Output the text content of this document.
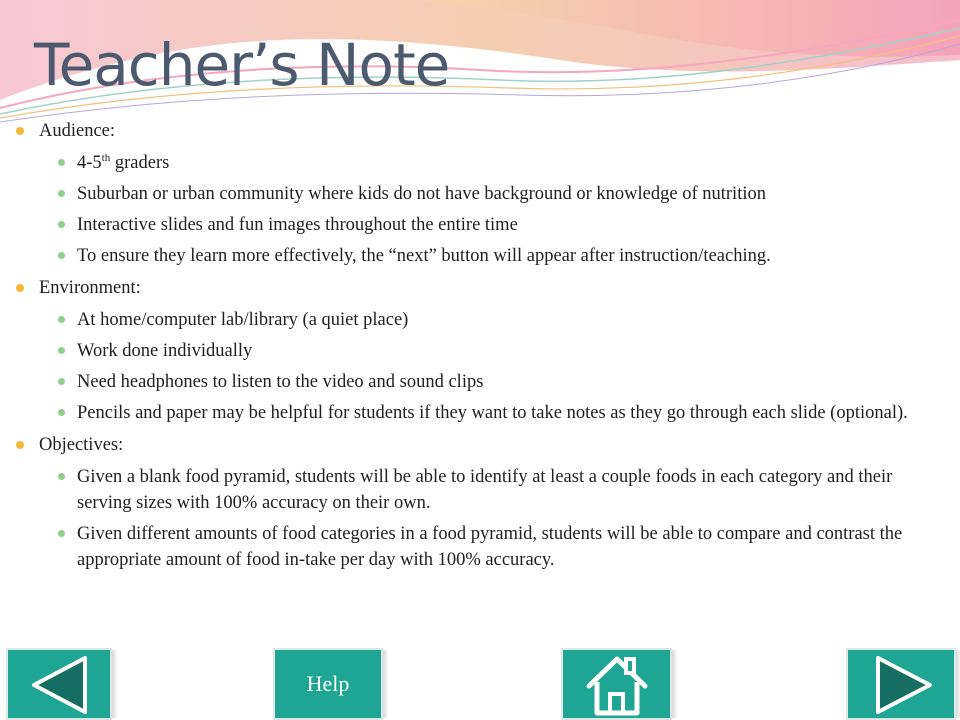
Teacher’s Note
Audience:
4-5th graders
Suburban or urban community where kids do not have background or knowledge of nutrition
Interactive slides and fun images throughout the entire time
To ensure they learn more effectively, the “next” button will appear after instruction/teaching.
Environment:
At home/computer lab/library (a quiet place)
Work done individually
Need headphones to listen to the video and sound clips
Pencils and paper may be helpful for students if they want to take notes as they go through each slide (optional).
Objectives:
Given a blank food pyramid, students will be able to identify at least a couple foods in each category and their serving sizes with 100% accuracy on their own.
Given different amounts of food categories in a food pyramid, students will be able to compare and contrast the appropriate amount of food in-take per day with 100% accuracy.
Help
